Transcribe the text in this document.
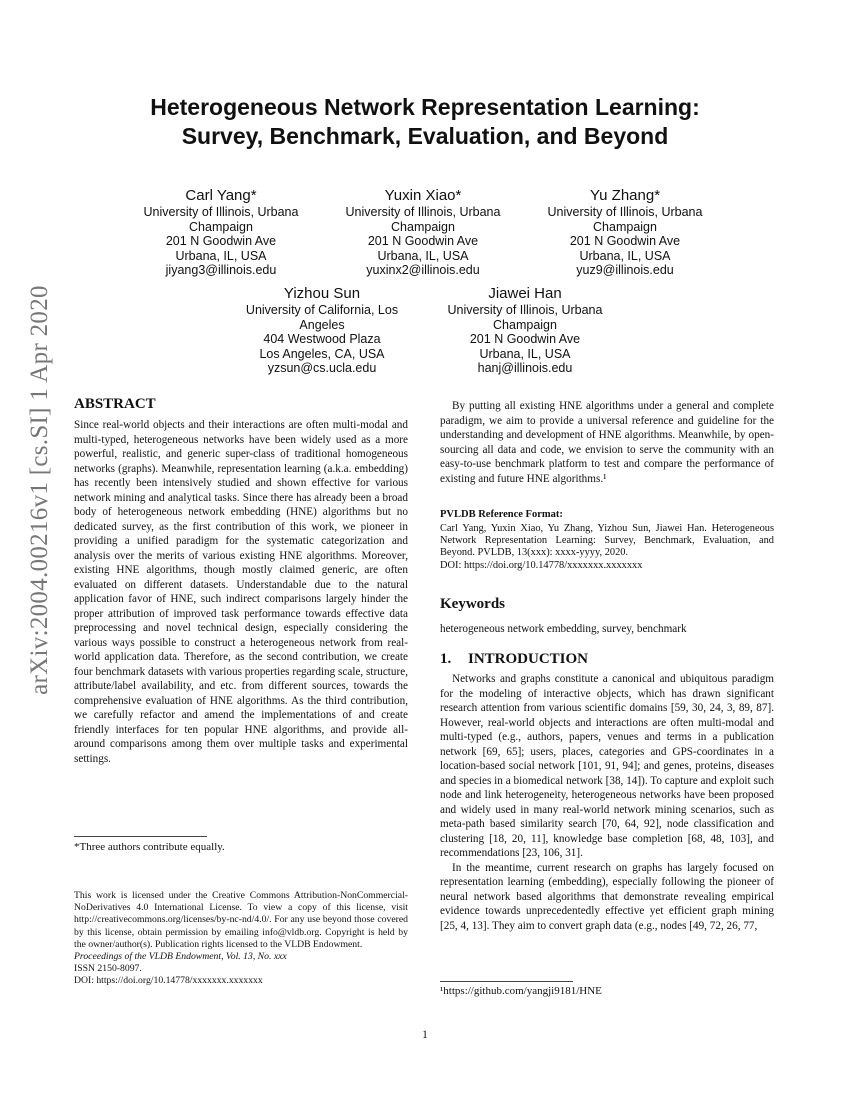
arXiv:2004.00216v1 [cs.SI] 1 Apr 2020
Heterogeneous Network Representation Learning:
Survey, Benchmark, Evaluation, and Beyond
Carl Yang*
University of Illinois, Urbana
Champaign
201 N Goodwin Ave
Urbana, IL, USA
jiyang3@illinois.edu
Yuxin Xiao*
University of Illinois, Urbana
Champaign
201 N Goodwin Ave
Urbana, IL, USA
yuxinx2@illinois.edu
Yu Zhang*
University of Illinois, Urbana
Champaign
201 N Goodwin Ave
Urbana, IL, USA
yuz9@illinois.edu
Yizhou Sun
University of California, Los
Angeles
404 Westwood Plaza
Los Angeles, CA, USA
yzsun@cs.ucla.edu
Jiawei Han
University of Illinois, Urbana
Champaign
201 N Goodwin Ave
Urbana, IL, USA
hanj@illinois.edu
ABSTRACT

Since real-world objects and their interactions are often multi-modal and multi-typed, heterogeneous networks have been widely used as a more powerful, realistic, and generic super-class of traditional homogeneous networks (graphs). Meanwhile, representation learning (a.k.a. embedding) has recently been intensively studied and shown effective for various network mining and analytical tasks. Since there has already been a broad body of heterogeneous network embedding (HNE) algorithms but no dedicated survey, as the first contribution of this work, we pioneer in providing a unified paradigm for the systematic categorization and analysis over the merits of various existing HNE algorithms. Moreover, existing HNE algorithms, though mostly claimed generic, are often evaluated on different datasets. Understandable due to the natural application favor of HNE, such indirect comparisons largely hinder the proper attribution of improved task performance towards effective data preprocessing and novel technical design, especially considering the various ways possible to construct a heterogeneous network from real-world application data. Therefore, as the second contribution, we create four benchmark datasets with various properties regarding scale, structure, attribute/label availability, and etc. from different sources, towards the comprehensive evaluation of HNE algorithms. As the third contribution, we carefully refactor and amend the implementations of and create friendly interfaces for ten popular HNE algorithms, and provide all-around comparisons among them over multiple tasks and experimental settings.

*Three authors contribute equally.

This work is licensed under the Creative Commons Attribution-NonCommercial-NoDerivatives 4.0 International License. To view a copy of this license, visit http://creativecommons.org/licenses/by-nc-nd/4.0/. For any use beyond those covered by this license, obtain permission by emailing info@vldb.org. Copyright is held by the owner/author(s). Publication rights licensed to the VLDB Endowment.

Proceedings of the VLDB Endowment, Vol. 13, No. xxx
ISSN 2150-8097.
DOI: https://doi.org/10.14778/xxxxxxx.xxxxxxx

By putting all existing HNE algorithms under a general and complete paradigm, we aim to provide a universal reference and guideline for the understanding and development of HNE algorithms. Meanwhile, by open-sourcing all data and code, we envision to serve the community with an easy-to-use benchmark platform to test and compare the performance of existing and future HNE algorithms.¹

PVLDB Reference Format:

Carl Yang, Yuxin Xiao, Yu Zhang, Yizhou Sun, Jiawei Han. Heterogeneous Network Representation Learning: Survey, Benchmark, Evaluation, and Beyond. PVLDB, 13(xxx): xxxx-yyyy, 2020.

DOI: https://doi.org/10.14778/xxxxxxx.xxxxxxx
Keywords
heterogeneous network embedding, survey, benchmark
1. INTRODUCTION

Networks and graphs constitute a canonical and ubiquitous paradigm for the modeling of interactive objects, which has drawn significant research attention from various scientific domains [59, 30, 24, 3, 89, 87]. However, real-world objects and interactions are often multi-modal and multi-typed (e.g., authors, papers, venues and terms in a publication network [69, 65]; users, places, categories and GPS-coordinates in a location-based social network [101, 91, 94]; and genes, proteins, diseases and species in a biomedical network [38, 14]). To capture and exploit such node and link heterogeneity, heterogeneous networks have been proposed and widely used in many real-world network mining scenarios, such as meta-path based similarity search [70, 64, 92], node classification and clustering [18, 20, 11], knowledge base completion [68, 48, 103], and recommendations [23, 106, 31].

In the meantime, current research on graphs has largely focused on representation learning (embedding), especially following the pioneer of neural network based algorithms that demonstrate revealing empirical evidence towards unprecedentedly effective yet efficient graph mining [25, 4, 13]. They aim to convert graph data (e.g., nodes [49, 72, 26, 77,

¹https://github.com/yangji9181/HNE
1
